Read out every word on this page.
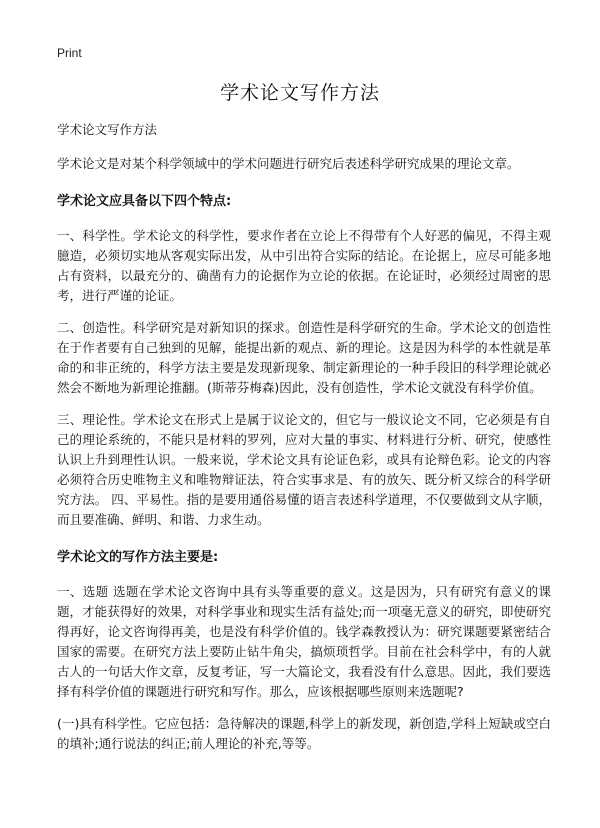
Print
学术论文写作方法
学术论文写作方法

学术论文是对某个科学领域中的学术问题进行研究后表述科学研究成果的理论文章。

学术论文应具备以下四个特点:

一、科学性。学术论文的科学性，要求作者在立论上不得带有个人好恶的偏见，不得主观臆造，必须切实地从客观实际出发，从中引出符合实际的结论。在论据上，应尽可能多地占有资料，以最充分的、确凿有力的论据作为立论的依据。在论证时，必须经过周密的思考，进行严谨的论证。

二、创造性。科学研究是对新知识的探求。创造性是科学研究的生命。学术论文的创造性在于作者要有自己独到的见解，能提出新的观点、新的理论。这是因为科学的本性就是革命的和非正统的，科学方法主要是发现新现象、制定新理论的一种手段旧的科学理论就必然会不断地为新理论推翻。(斯蒂芬梅森)因此，没有创造性，学术论文就没有科学价值。

三、理论性。学术论文在形式上是属于议论文的，但它与一般议论文不同，它必须是有自己的理论系统的，不能只是材料的罗列，应对大量的事实、材料进行分析、研究，使感性认识上升到理性认识。一般来说，学术论文具有论证色彩，或具有论辩色彩。论文的内容必须符合历史唯物主义和唯物辩证法，符合实事求是、有的放矢、既分析又综合的科学研究方法。 四、平易性。指的是要用通俗易懂的语言表述科学道理，不仅要做到文从字顺，而且要准确、鲜明、和谐、力求生动。

学术论文的写作方法主要是:

一、选题 选题在学术论文咨询中具有头等重要的意义。这是因为，只有研究有意义的课题，才能获得好的效果，对科学事业和现实生活有益处;而一项毫无意义的研究，即使研究得再好，论文咨询得再美，也是没有科学价值的。钱学森教授认为：研究课题要紧密结合国家的需要。在研究方法上要防止钻牛角尖，搞烦琐哲学。目前在社会科学中，有的人就古人的一句话大作文章，反复考证，写一大篇论文，我看没有什么意思。因此，我们要选择有科学价值的课题进行研究和写作。那么，应该根据哪些原则来选题呢?

(一)具有科学性。它应包括：急待解决的课题,科学上的新发现，新创造,学科上短缺或空白的填补;通行说法的纠正;前人理论的补充,等等。
